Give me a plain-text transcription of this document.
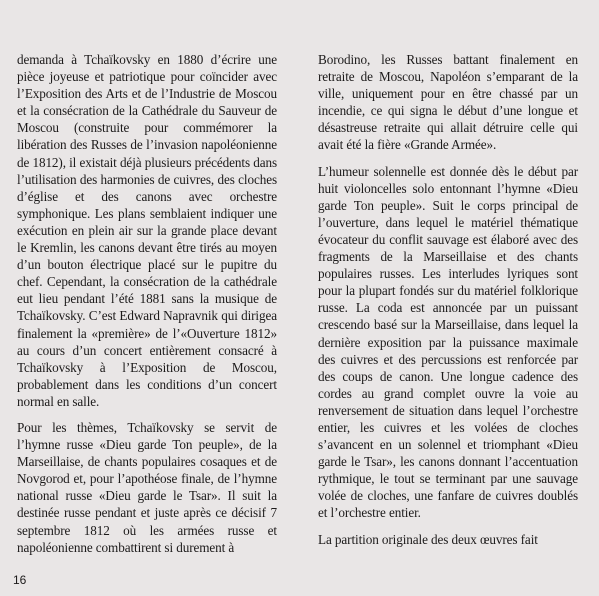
demanda à Tchaïkovsky en 1880 d’écrire une pièce joyeuse et patriotique pour coïncider avec l’Exposition des Arts et de l’Industrie de Moscou et la consécration de la Cathédrale du Sauveur de Moscou (construite pour commémorer la libération des Russes de l’invasion napoléonienne de 1812), il existait déjà plusieurs précédents dans l’utilisation des harmonies de cuivres, des cloches d’église et des canons avec orchestre symphonique. Les plans semblaient indiquer une exécution en plein air sur la grande place devant le Kremlin, les canons devant être tirés au moyen d’un bouton électrique placé sur le pupitre du chef. Cependant, la consécration de la cathédrale eut lieu pendant l’été 1881 sans la musique de Tchaïkovsky. C’est Edward Napravnik qui dirigea finalement la «première» de l’«Ouverture 1812» au cours d’un concert entièrement consacré à Tchaïkovsky à l’Exposition de Moscou, probablement dans les conditions d’un concert normal en salle.

Pour les thèmes, Tchaïkovsky se servit de l’hymne russe «Dieu garde Ton peuple», de la Marseillaise, de chants populaires cosaques et de Novgorod et, pour l’apothéose finale, de l’hymne national russe «Dieu garde le Tsar». Il suit la destinée russe pendant et juste après ce décisif 7 septembre 1812 où les armées russe et napoléonienne combattirent si durement à

Borodino, les Russes battant finalement en retraite de Moscou, Napoléon s’emparant de la ville, uniquement pour en être chassé par un incendie, ce qui signa le début d’une longue et désastreuse retraite qui allait détruire celle qui avait été la fière «Grande Armée».

L’humeur solennelle est donnée dès le début par huit violoncelles solo entonnant l’hymne «Dieu garde Ton peuple». Suit le corps principal de l’ouverture, dans lequel le matériel thématique évocateur du conflit sauvage est élaboré avec des fragments de la Marseillaise et des chants populaires russes. Les interludes lyriques sont pour la plupart fondés sur du matériel folklorique russe. La coda est annoncée par un puissant crescendo basé sur la Marseillaise, dans lequel la dernière exposition par la puissance maximale des cuivres et des percussions est renforcée par des coups de canon. Une longue cadence des cordes au grand complet ouvre la voie au renversement de situation dans lequel l’orchestre entier, les cuivres et les volées de cloches s’avancent en un solennel et triomphant «Dieu garde le Tsar», les canons donnant l’accentuation rythmique, le tout se terminant par une sauvage volée de cloches, une fanfare de cuivres doublés et l’orchestre entier.

La partition originale des deux œuvres fait

16
